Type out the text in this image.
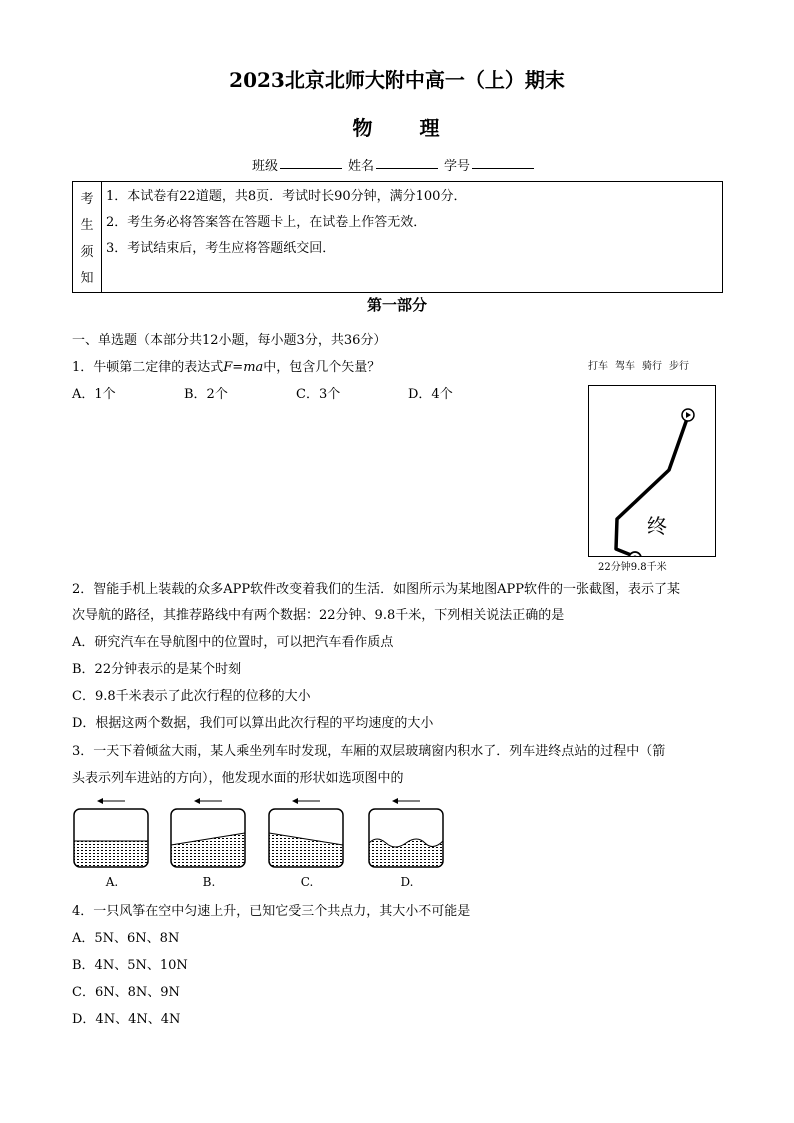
2023北京北师大附中高一（上）期末
物 理
班级	姓名	学号
考
生
须
知
1．本试卷有22道题，共8页．考试时长90分钟，满分100分．
2．考生务必将答案答在答题卡上，在试卷上作答无效．
3．考试结束后，考生应将答题纸交回．
第一部分
一、单选题（本部分共12小题，每小题3分，共36分）
1．牛顿第二定律的表达式F=ma中，包含几个矢量？
A．1个	B．2个	C．3个	D．4个
打车 驾车 骑行 步行
终
22分钟9.8千米
2．智能手机上装载的众多APP软件改变着我们的生活．如图所示为某地图APP软件的一张截图，表示了某
次导航的路径，其推荐路线中有两个数据：22分钟、9.8千米，下列相关说法正确的是
A．研究汽车在导航图中的位置时，可以把汽车看作质点
B．22分钟表示的是某个时刻
C．9.8千米表示了此次行程的位移的大小
D．根据这两个数据，我们可以算出此次行程的平均速度的大小
3．一天下着倾盆大雨，某人乘坐列车时发现，车厢的双层玻璃窗内积水了．列车进终点站的过程中（箭
头表示列车进站的方向），他发现水面的形状如选项图中的
A.	B.	C.	D.
4．一只风筝在空中匀速上升，已知它受三个共点力，其大小不可能是
A．5N、6N、8N
B．4N、5N、10N
C．6N、8N、9N
D．4N、4N、4N
